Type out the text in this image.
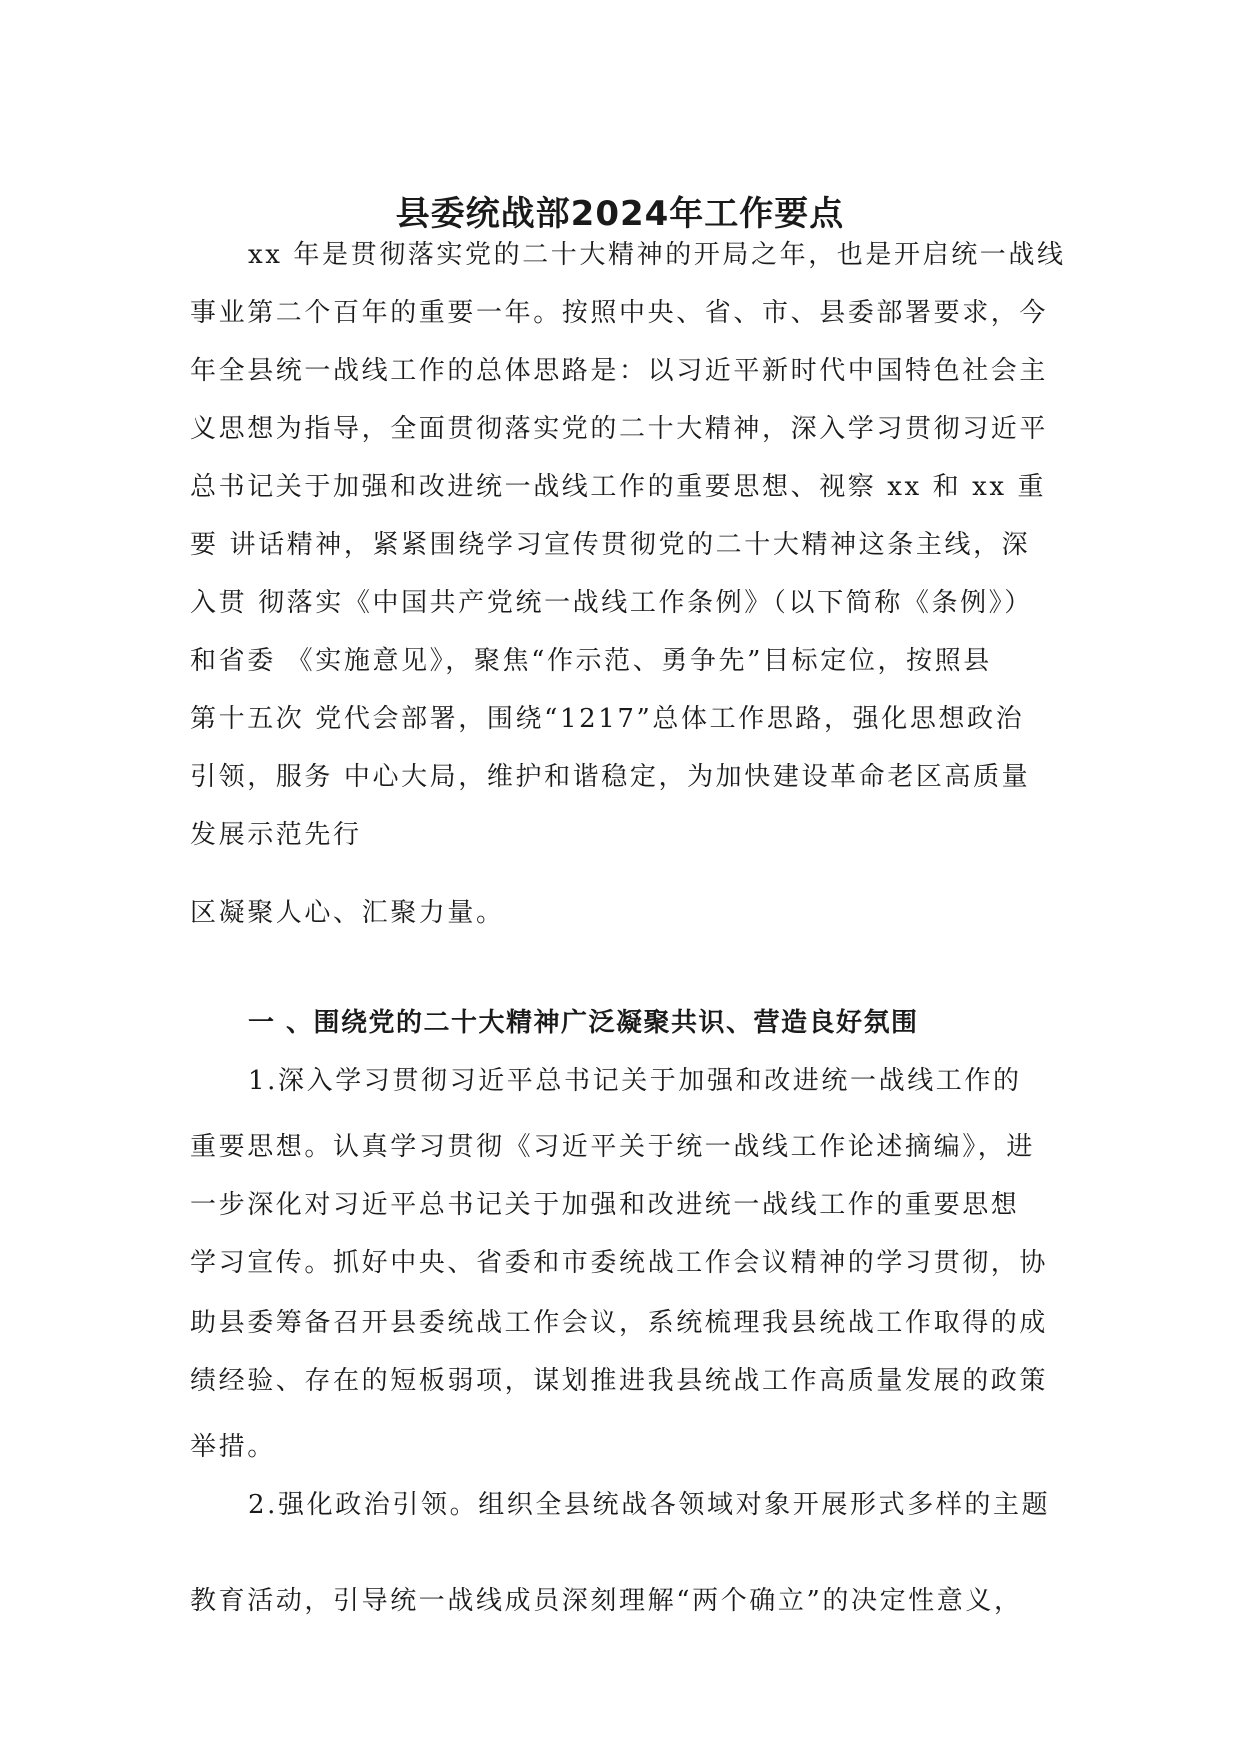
县委统战部2024年工作要点
xx 年是贯彻落实党的二十大精神的开局之年，也是开启统一战线
事业第二个百年的重要一年。按照中央、省、市、县委部署要求，今
年全县统一战线工作的总体思路是：以习近平新时代中国特色社会主
义思想为指导，全面贯彻落实党的二十大精神，深入学习贯彻习近平
总书记关于加强和改进统一战线工作的重要思想、视察 xx 和 xx 重
要 讲话精神，紧紧围绕学习宣传贯彻党的二十大精神这条主线，深
入贯 彻落实《中国共产党统一战线工作条例》（以下简称《条例》）
和省委 《实施意见》，聚焦“作示范、勇争先”目标定位，按照县
第十五次 党代会部署，围绕“1217”总体工作思路，强化思想政治
引领，服务 中心大局，维护和谐稳定，为加快建设革命老区高质量
发展示范先行
区凝聚人心、汇聚力量。
一 、围绕党的二十大精神广泛凝聚共识、营造良好氛围
1.深入学习贯彻习近平总书记关于加强和改进统一战线工作的
重要思想。认真学习贯彻《习近平关于统一战线工作论述摘编》，进
一步深化对习近平总书记关于加强和改进统一战线工作的重要思想
学习宣传。抓好中央、省委和市委统战工作会议精神的学习贯彻，协
助县委筹备召开县委统战工作会议，系统梳理我县统战工作取得的成
绩经验、存在的短板弱项，谋划推进我县统战工作高质量发展的政策
举措。
2.强化政治引领。组织全县统战各领域对象开展形式多样的主题
教育活动，引导统一战线成员深刻理解“两个确立”的决定性意义，
